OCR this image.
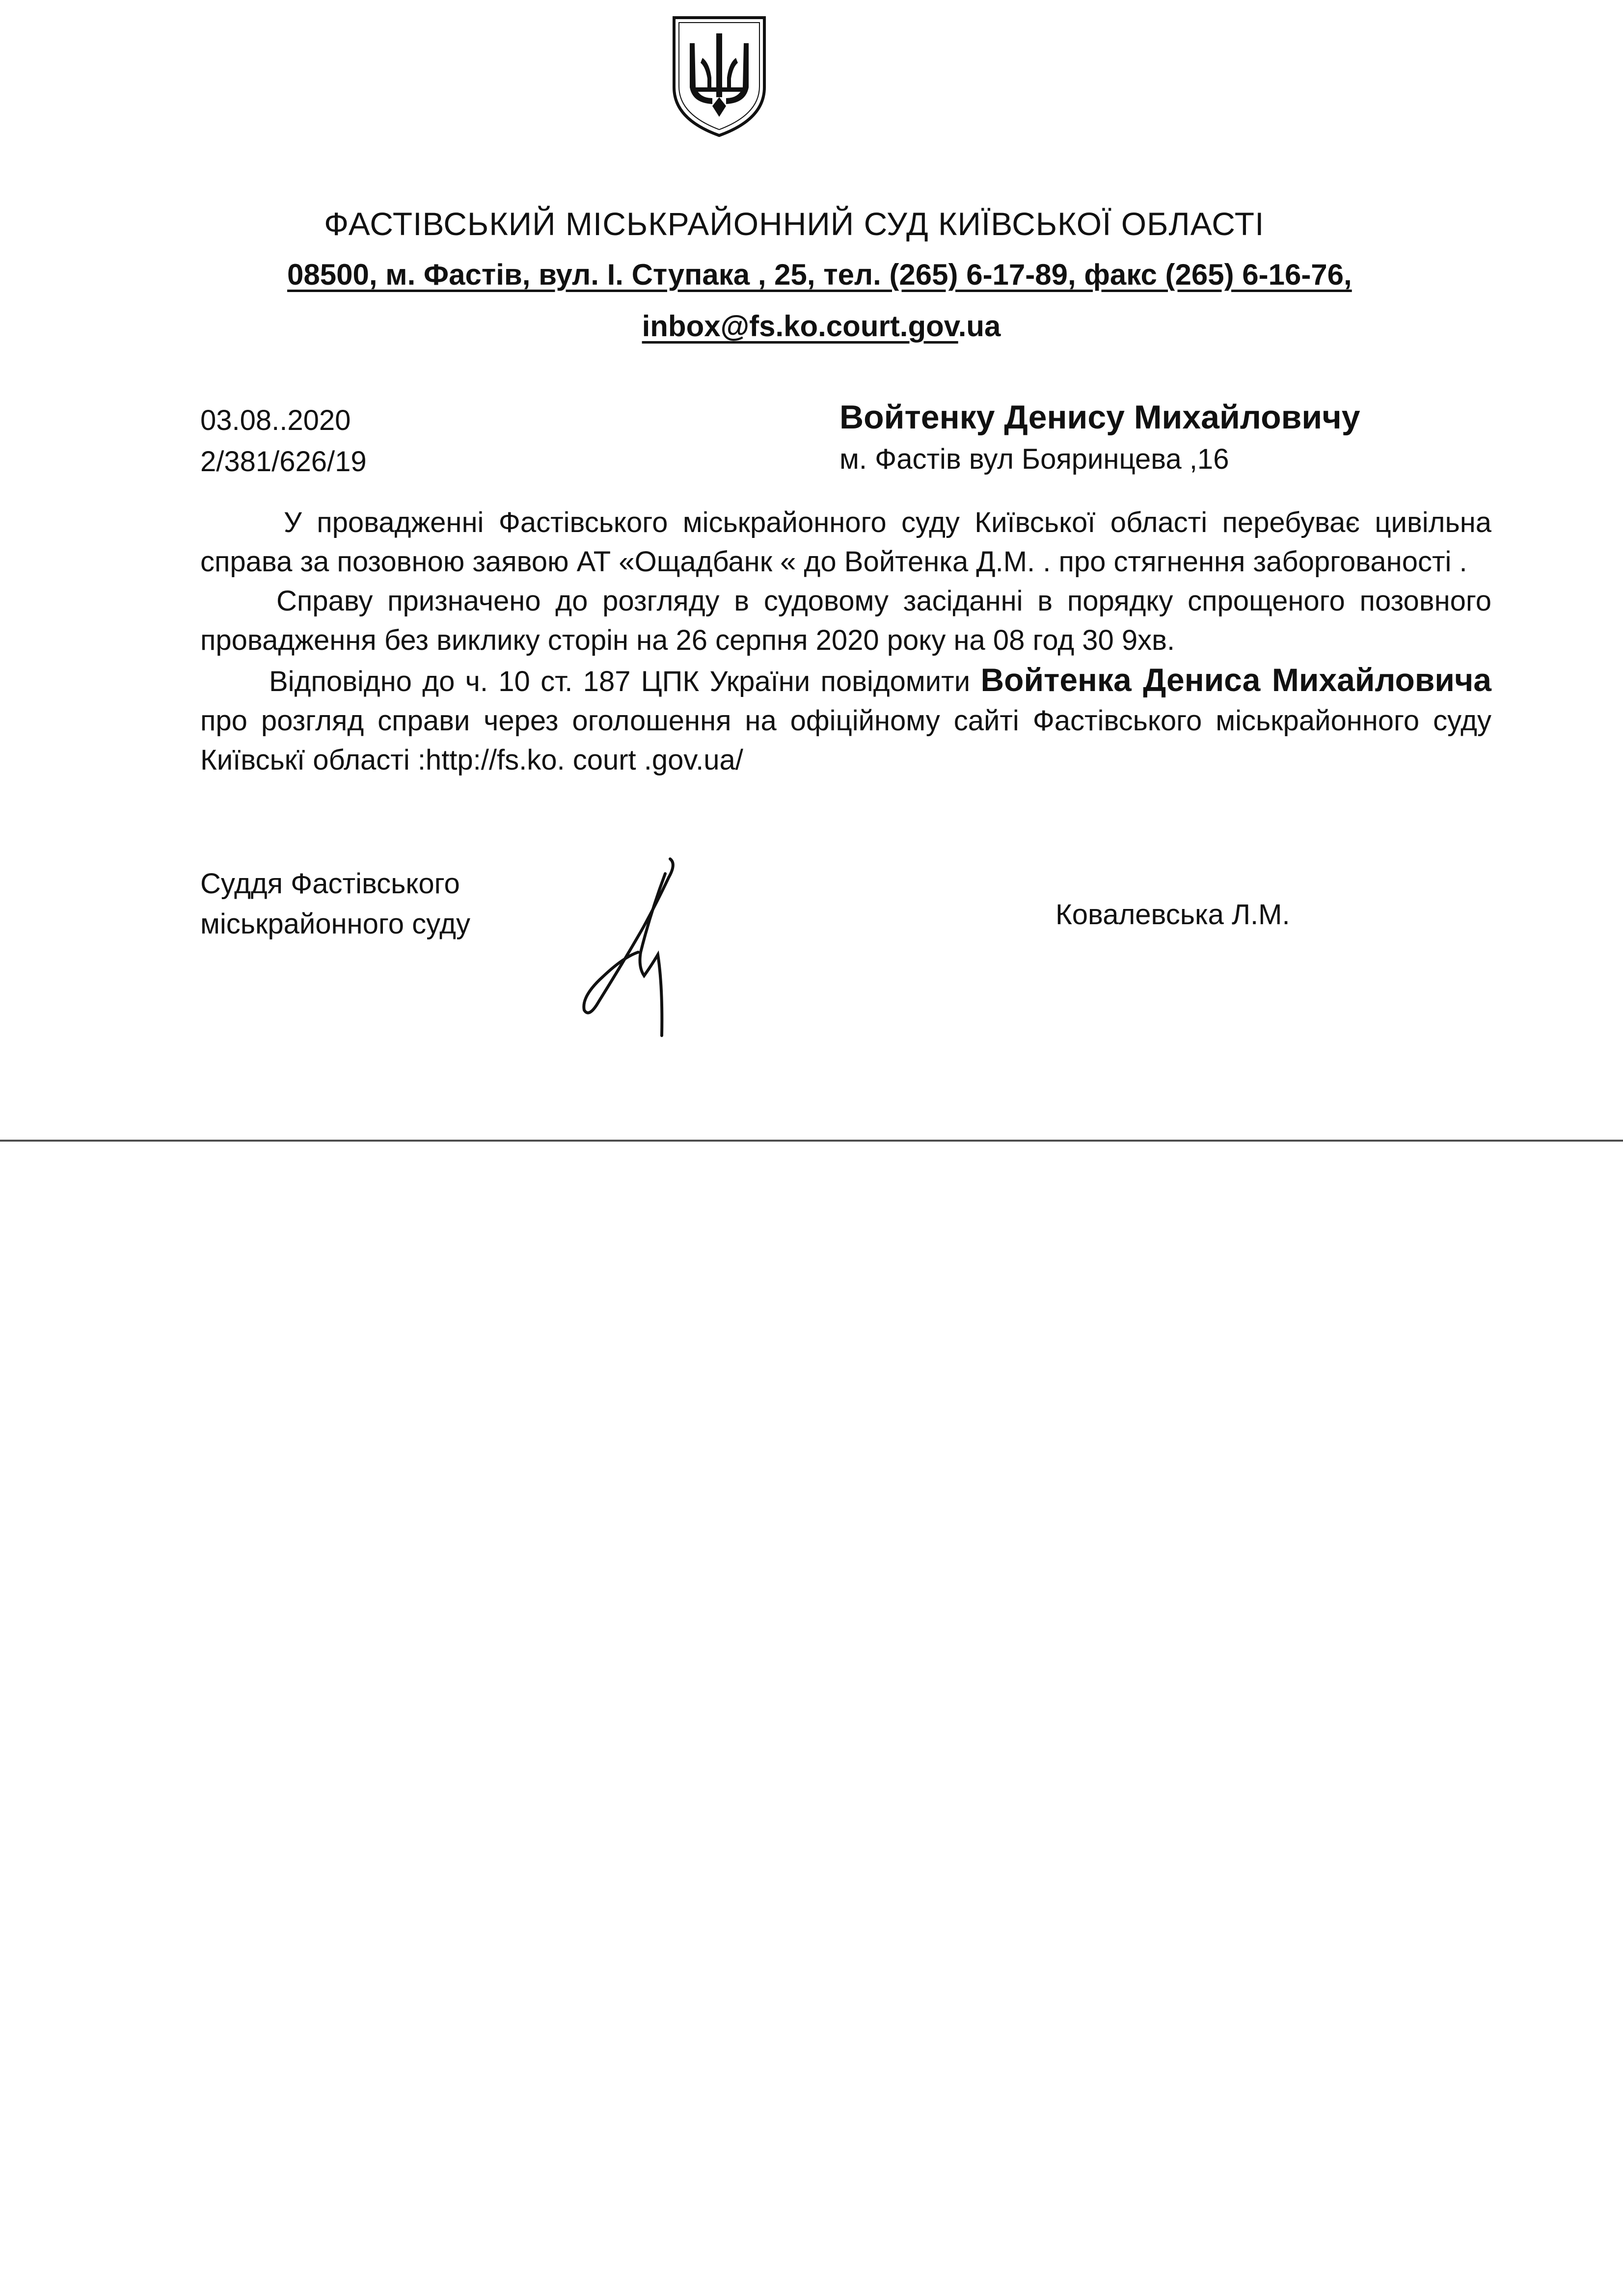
ФАСТІВСЬКИЙ МІСЬКРАЙОННИЙ СУД КИЇВСЬКОЇ ОБЛАСТІ
08500, м. Фастів, вул. І. Ступака , 25, тел. (265) 6-17-89, факс (265) 6-16-76,
inbox@fs.ko.court.gov.ua
03.08..2020
2/381/626/19
Войтенку Денису Михайловичу
м. Фастів вул Бояринцева ,16

У провадженні Фастівського міськрайонного суду Київської області перебуває цивільна справа за позовною заявою АТ «Ощадбанк « до Войтенка Д.М. . про стягнення заборгованості .

Справу призначено до розгляду в судовому засіданні в порядку спрощеного позовного провадження без виклику сторін на 26 серпня 2020 року на 08 год 30 9хв.

Відповідно до ч. 10 ст. 187 ЦПК України повідомити Войтенка Дениса Михайловича про розгляд справи через оголошення на офіційному сайті Фастівського міськрайонного суду Київськї області :http://fs.ko. court .gov.ua/

Суддя Фастівського
міськрайонного суду	Ковалевська Л.М.
